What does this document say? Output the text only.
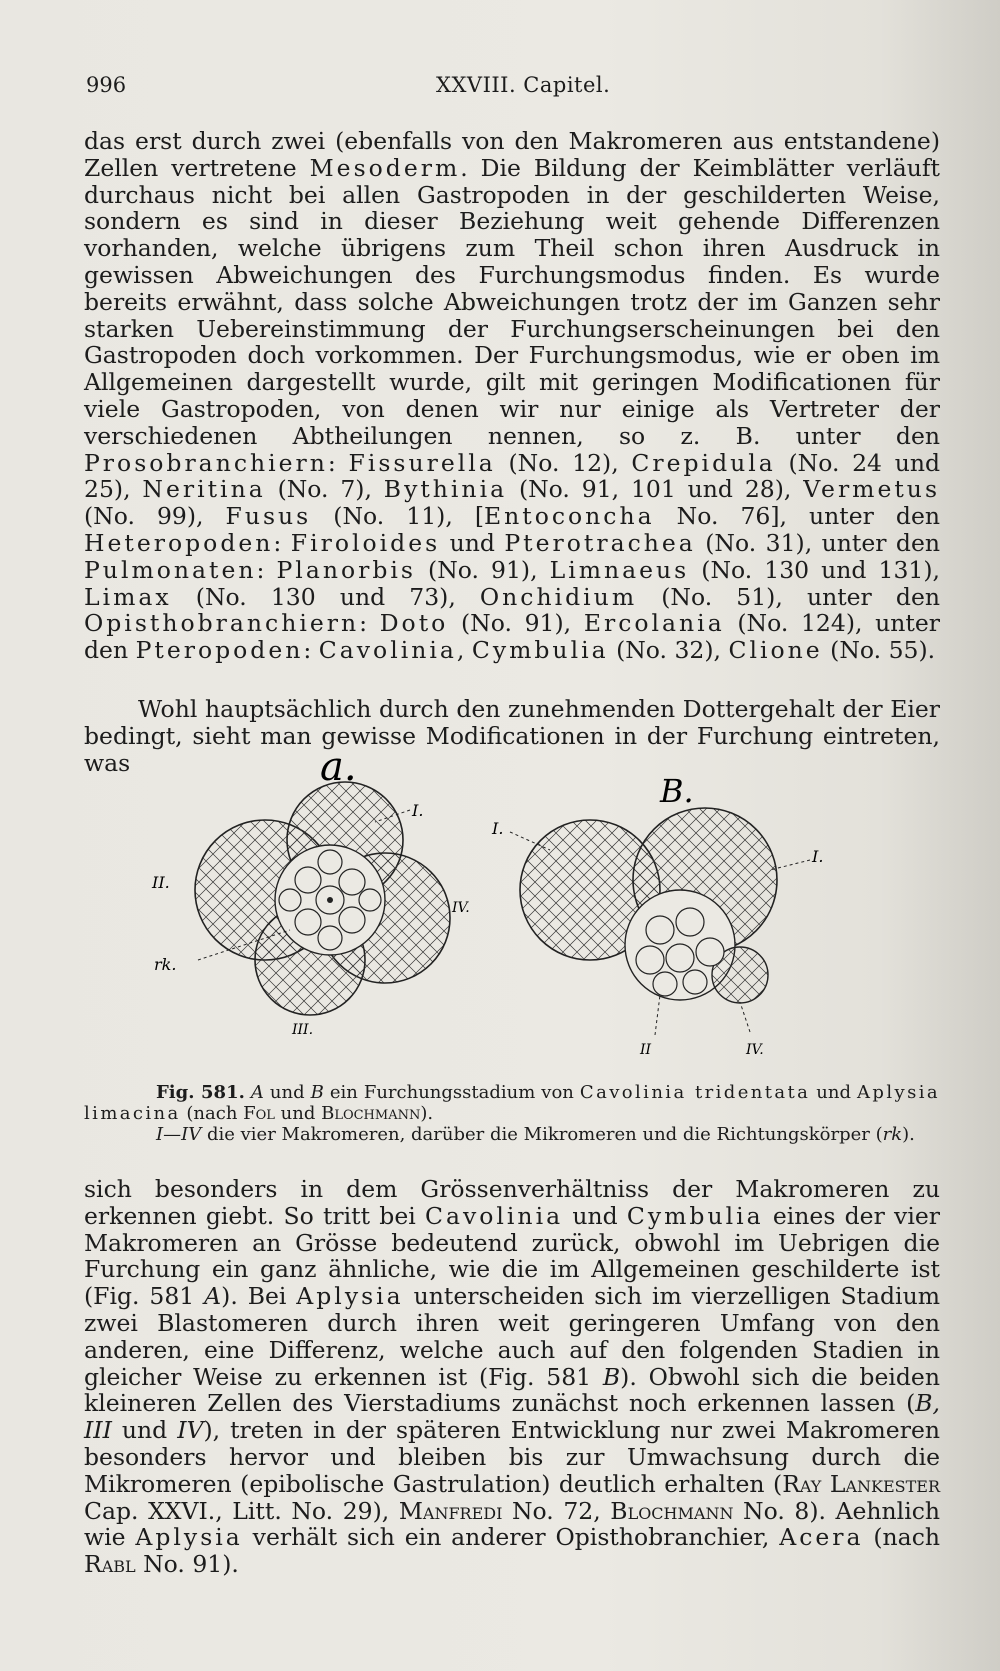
996	XXVIII. Capitel.

das erst durch zwei (ebenfalls von den Makromeren aus entstandene) Zellen vertretene Mesoderm. Die Bildung der Keimblätter verläuft durchaus nicht bei allen Gastropoden in der geschilderten Weise, sondern es sind in dieser Beziehung weit gehende Differenzen vorhanden, welche übrigens zum Theil schon ihren Ausdruck in gewissen Abweichungen des Furchungsmodus finden. Es wurde bereits erwähnt, dass solche Abweichungen trotz der im Ganzen sehr starken Uebereinstimmung der Furchungserscheinungen bei den Gastropoden doch vorkommen. Der Furchungsmodus, wie er oben im Allgemeinen dargestellt wurde, gilt mit geringen Modificationen für viele Gastropoden, von denen wir nur einige als Vertreter der verschiedenen Abtheilungen nennen, so z. B. unter den Prosobranchiern: Fissurella (No. 12), Crepidula (No. 24 und 25), Neritina (No. 7), Bythinia (No. 91, 101 und 28), Vermetus (No. 99), Fusus (No. 11), [Entoconcha No. 76], unter den Heteropoden: Firoloides und Pterotrachea (No. 31), unter den Pulmonaten: Planorbis (No. 91), Limnaeus (No. 130 und 131), Limax (No. 130 und 73), Onchidium (No. 51), unter den Opisthobranchiern: Doto (No. 91), Ercolania (No. 124), unter den Pteropoden: Cavolinia, Cymbulia (No. 32), Clione (No. 55).

Wohl hauptsächlich durch den zunehmenden Dottergehalt der Eier bedingt, sieht man gewisse Modificationen in der Furchung eintreten, was	a.
I.
II.
IV.
III.
rk.
B.
I.
I.
II	IV.

Fig. 581. A und B ein Furchungsstadium von Cavolinia tridentata und Aplysia limacina (nach Fol und Blochmann).

I—IV die vier Makromeren, darüber die Mikromeren und die Richtungskörper (rk).

sich besonders in dem Grössenverhältniss der Makromeren zu erkennen giebt. So tritt bei Cavolinia und Cymbulia eines der vier Makromeren an Grösse bedeutend zurück, obwohl im Uebrigen die Furchung ein ganz ähnliche, wie die im Allgemeinen geschilderte ist (Fig. 581 A). Bei Aplysia unterscheiden sich im vierzelligen Stadium zwei Blastomeren durch ihren weit geringeren Umfang von den anderen, eine Differenz, welche auch auf den folgenden Stadien in gleicher Weise zu erkennen ist (Fig. 581 B). Obwohl sich die beiden kleineren Zellen des Vierstadiums zunächst noch erkennen lassen (B, III und IV), treten in der späteren Entwicklung nur zwei Makromeren besonders hervor und bleiben bis zur Umwachsung durch die Mikromeren (epibolische Gastrulation) deutlich erhalten (Ray Lankester Cap. XXVI., Litt. No. 29), Manfredi No. 72, Blochmann No. 8). Aehnlich wie Aplysia verhält sich ein anderer Opisthobranchier, Acera (nach Rabl No. 91).
